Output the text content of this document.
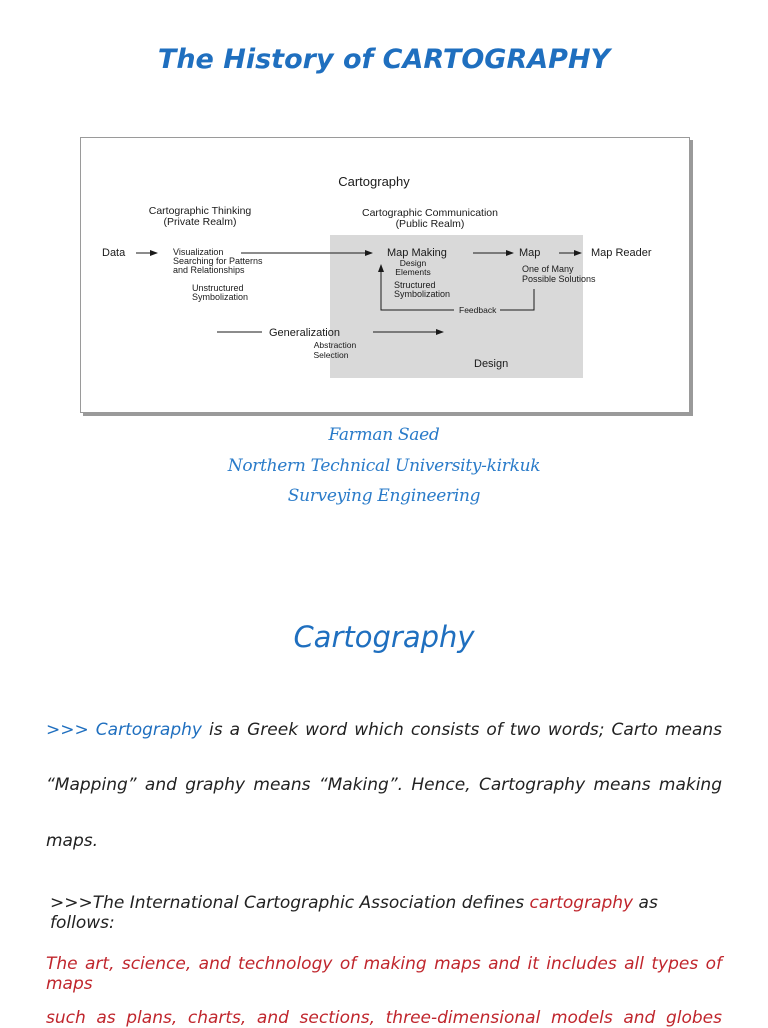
The History of CARTOGRAPHY
Cartography
Cartographic Thinking
(Private Realm)
Cartographic Communication
(Public Realm)
Data	Visualization
Searching for Patterns
and Relationships
Unstructured
Symbolization
Map Making
Design
Elements
Structured
Symbolization
Map	Map Reader
One of Many
Possible Solutions
Feedback
Generalization
Abstraction
Selection
Design
Farman Saed
Northern Technical University-kirkuk
Surveying Engineering
Cartography
>>> Cartography is a Greek word which consists of two words; Carto means
“Mapping” and graphy means “Making”. Hence, Cartography means making
maps.
>>>The International Cartographic Association defines cartography as follows:
The art, science, and technology of making maps and it includes all types of maps
such as plans, charts, and sections, three-dimensional models and globes
